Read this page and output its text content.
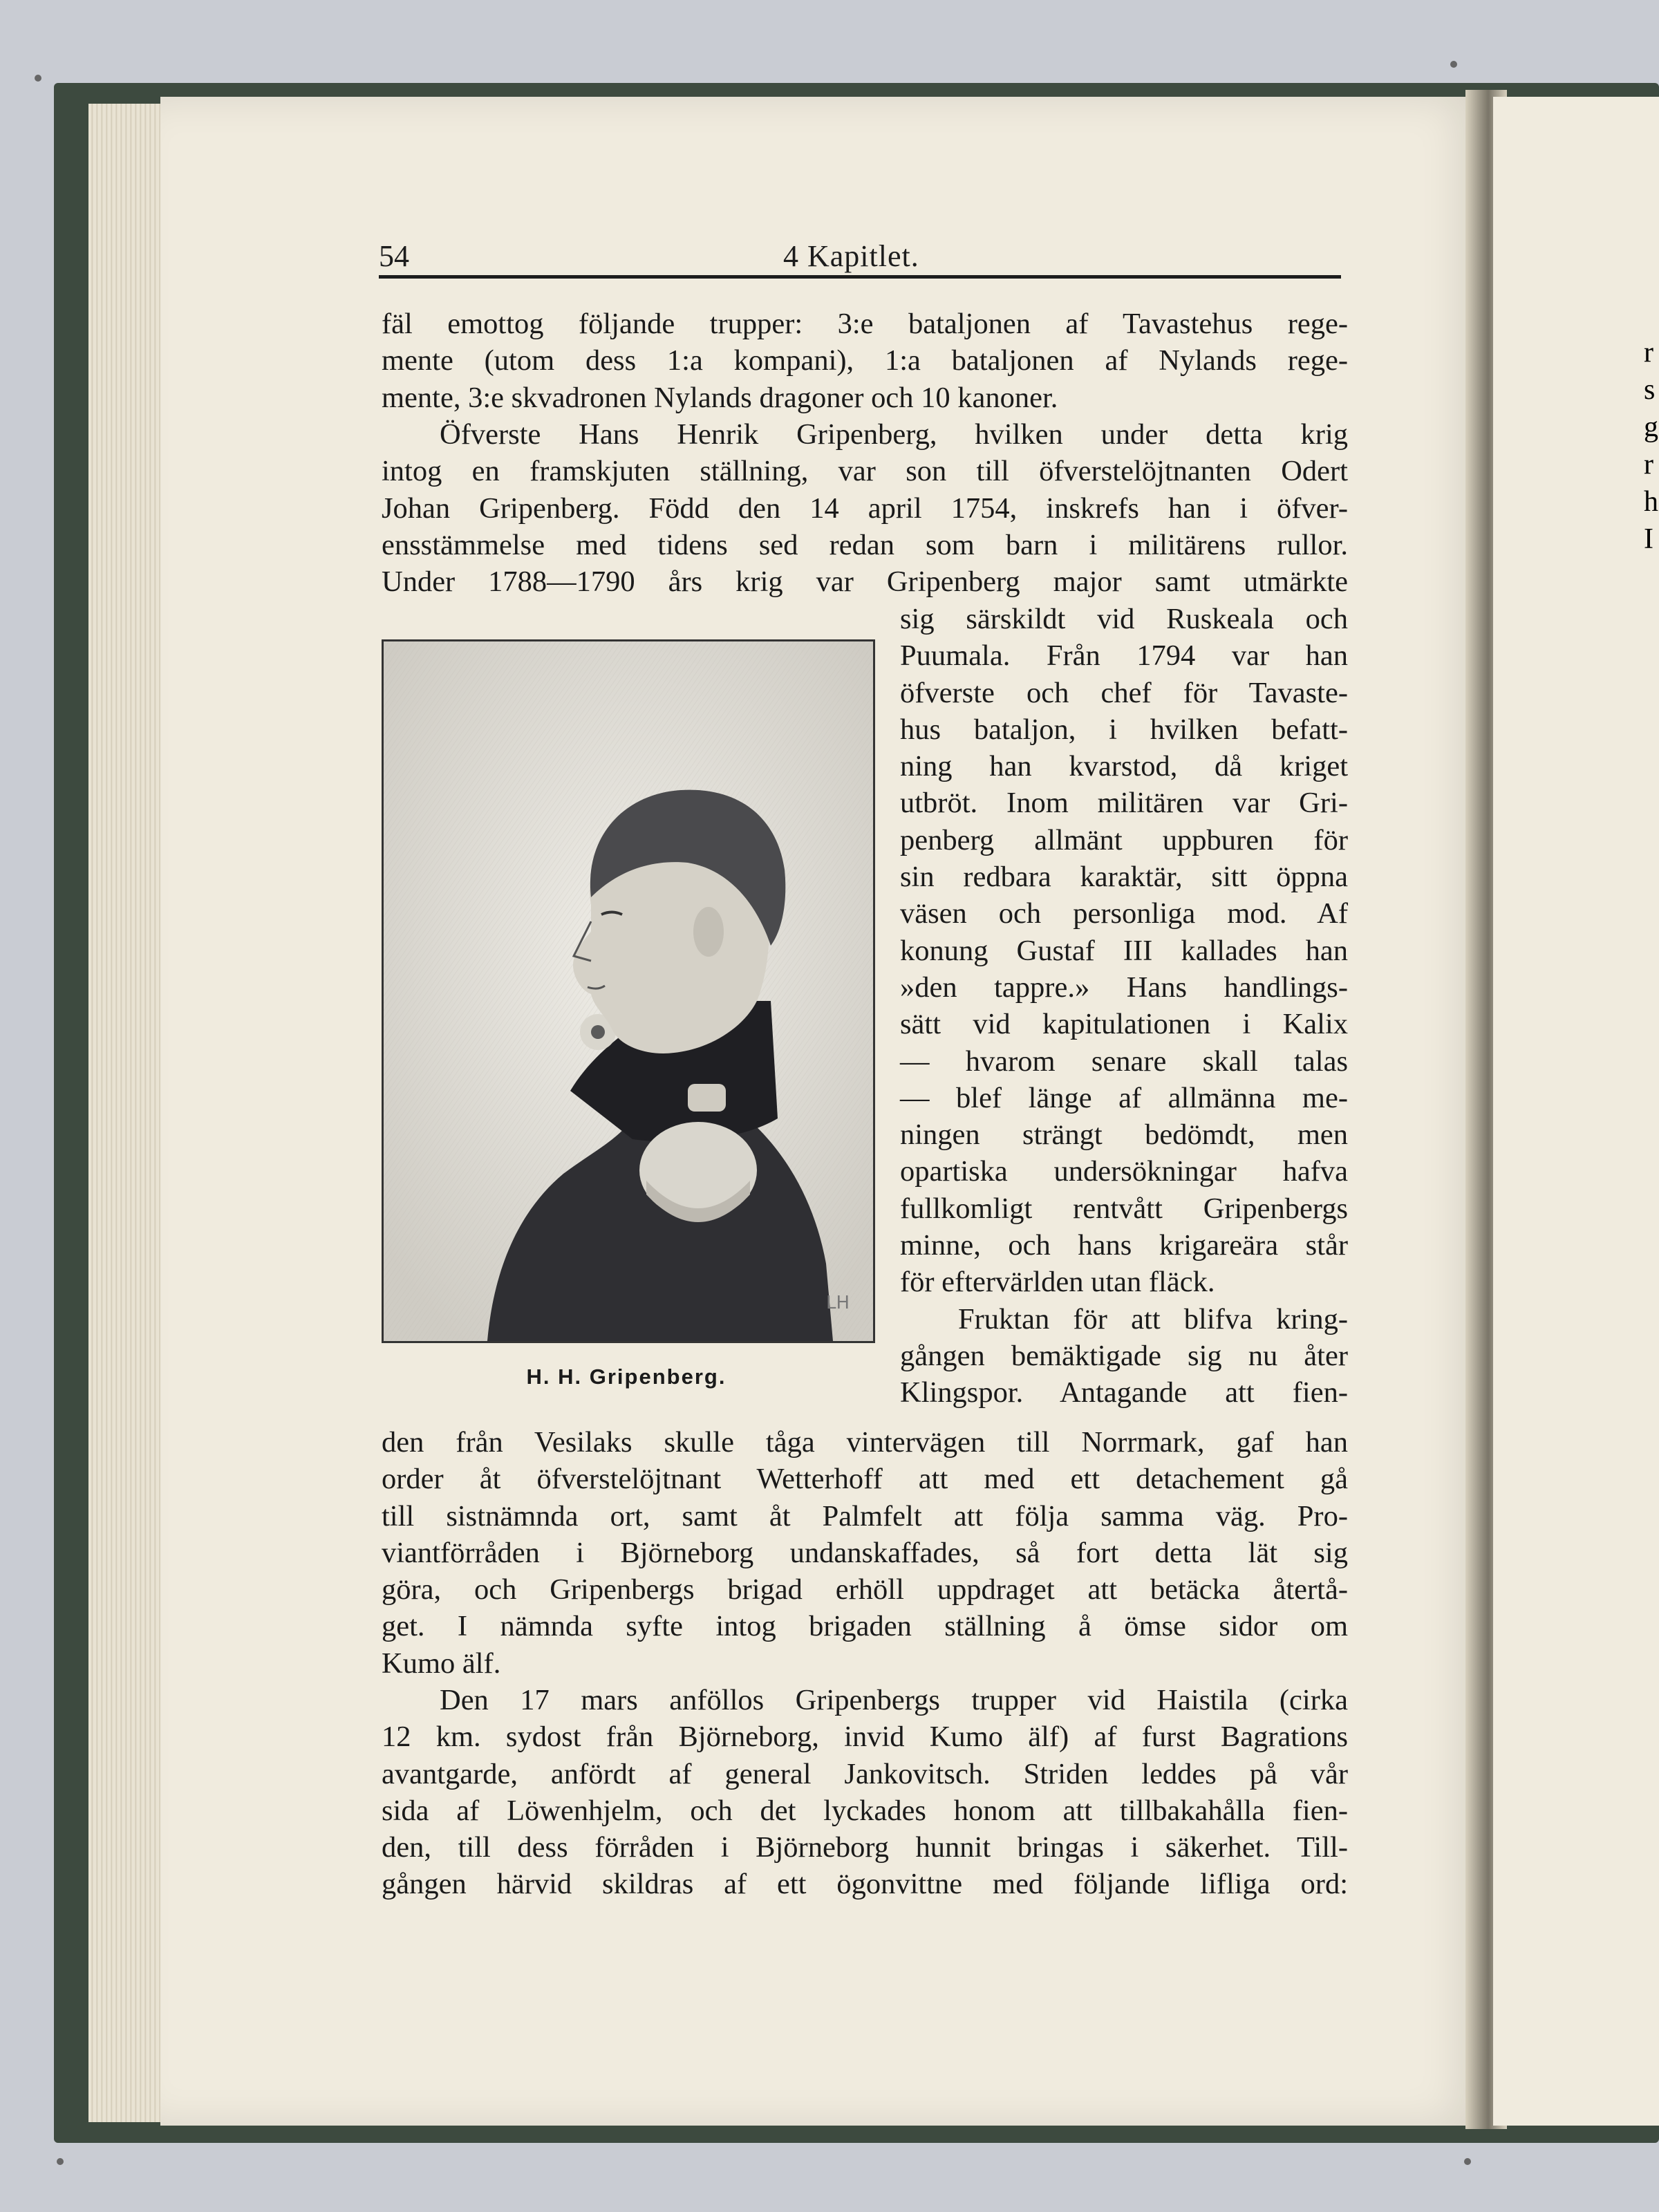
r
s
g
r
h
I
54	4 Kapitlet.
fäl emottog följande trupper: 3:e bataljonen af Tavastehus rege-
mente (utom dess 1:a kompani), 1:a bataljonen af Nylands rege-
mente, 3:e skvadronen Nylands dragoner och 10 kanoner.
Öfverste Hans Henrik Gripenberg, hvilken under detta krig
intog en framskjuten ställning, var son till öfverstelöjtnanten Odert
Johan Gripenberg. Född den 14 april 1754, inskrefs han i öfver-
ensstämmelse med tidens sed redan som barn i militärens rullor.
Under 1788—1790 års krig var Gripenberg major samt utmärkte
LH
H. H. Gripenberg.
sig särskildt vid Ruskeala och
Puumala. Från 1794 var han
öfverste och chef för Tavaste-
hus bataljon, i hvilken befatt-
ning han kvarstod, då kriget
utbröt. Inom militären var Gri-
penberg allmänt uppburen för
sin redbara karaktär, sitt öppna
väsen och personliga mod. Af
konung Gustaf III kallades han
»den tappre.» Hans handlings-
sätt vid kapitulationen i Kalix
— hvarom senare skall talas
— blef länge af allmänna me-
ningen strängt bedömdt, men
opartiska undersökningar hafva
fullkomligt rentvått Gripenbergs
minne, och hans krigareära står
för eftervärlden utan fläck.
Fruktan för att blifva kring-
gången bemäktigade sig nu åter
Klingspor. Antagande att fien-
den från Vesilaks skulle tåga vintervägen till Norrmark, gaf han
order åt öfverstelöjtnant Wetterhoff att med ett detachement gå
till sistnämnda ort, samt åt Palmfelt att följa samma väg. Pro-
viantförråden i Björneborg undanskaffades, så fort detta lät sig
göra, och Gripenbergs brigad erhöll uppdraget att betäcka återtå-
get. I nämnda syfte intog brigaden ställning å ömse sidor om
Kumo älf.
Den 17 mars anföllos Gripenbergs trupper vid Haistila (cirka
12 km. sydost från Björneborg, invid Kumo älf) af furst Bagrations
avantgarde, anfördt af general Jankovitsch. Striden leddes på vår
sida af Löwenhjelm, och det lyckades honom att tillbakahålla fien-
den, till dess förråden i Björneborg hunnit bringas i säkerhet. Till-
gången härvid skildras af ett ögonvittne med följande lifliga ord:
